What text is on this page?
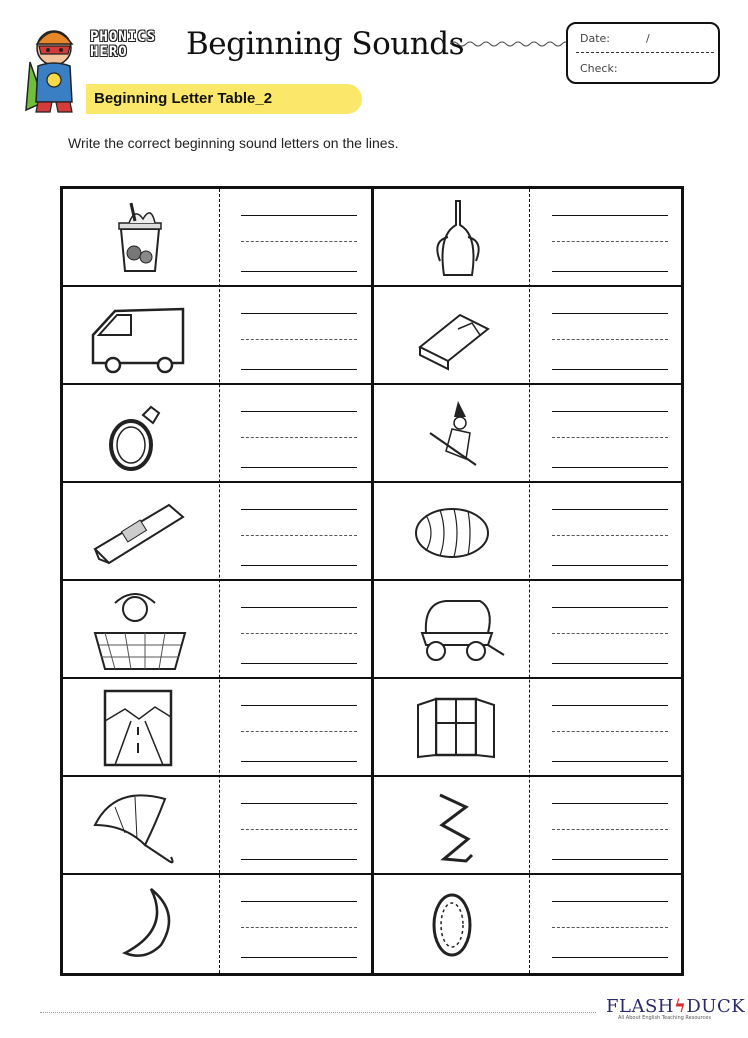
PHONICS
HERO	Beginning Sounds	Date:	/
Check:
Beginning Letter Table_2
Write the correct beginning sound letters on the lines.
FLASHϟDUCK
All About English Teaching Resources
